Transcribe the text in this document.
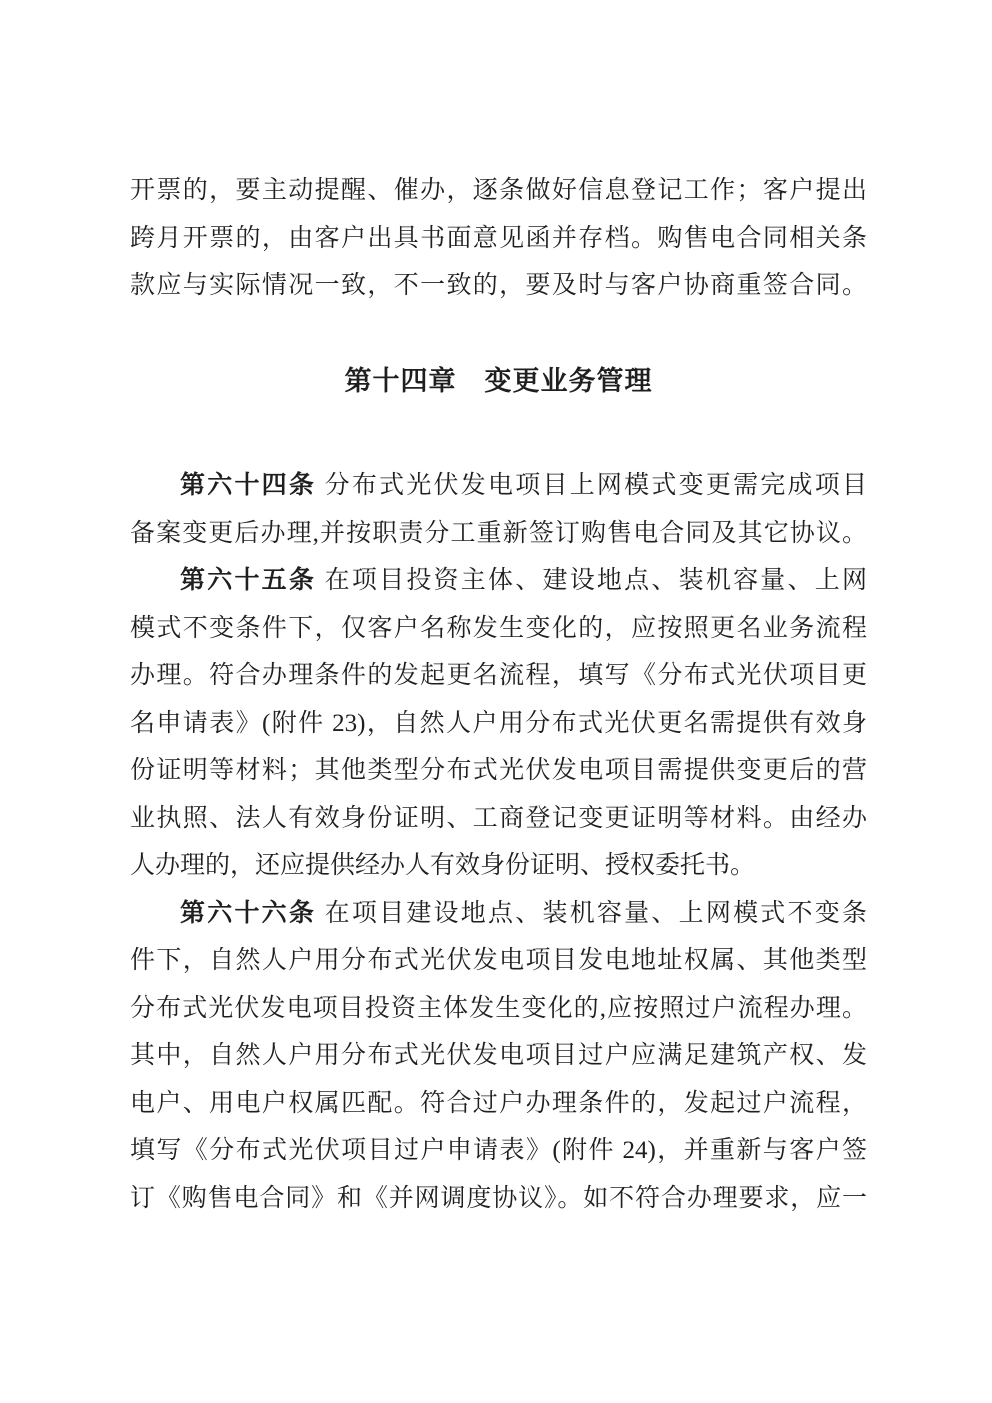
开票的，要主动提醒、催办，逐条做好信息登记工作；客户提出
跨月开票的，由客户出具书面意见函并存档。购售电合同相关条
款应与实际情况一致，不一致的，要及时与客户协商重签合同。
第十四章　变更业务管理
第六十四条 分布式光伏发电项目上网模式变更需完成项目
备案变更后办理,并按职责分工重新签订购售电合同及其它协议。
第六十五条 在项目投资主体、建设地点、装机容量、上网
模式不变条件下，仅客户名称发生变化的，应按照更名业务流程
办理。符合办理条件的发起更名流程，填写《分布式光伏项目更
名申请表》(附件 23)，自然人户用分布式光伏更名需提供有效身
份证明等材料；其他类型分布式光伏发电项目需提供变更后的营
业执照、法人有效身份证明、工商登记变更证明等材料。由经办
人办理的，还应提供经办人有效身份证明、授权委托书。
第六十六条 在项目建设地点、装机容量、上网模式不变条
件下，自然人户用分布式光伏发电项目发电地址权属、其他类型
分布式光伏发电项目投资主体发生变化的,应按照过户流程办理。
其中，自然人户用分布式光伏发电项目过户应满足建筑产权、发
电户、用电户权属匹配。符合过户办理条件的，发起过户流程，
填写《分布式光伏项目过户申请表》(附件 24)，并重新与客户签
订《购售电合同》和《并网调度协议》。如不符合办理要求，应一
